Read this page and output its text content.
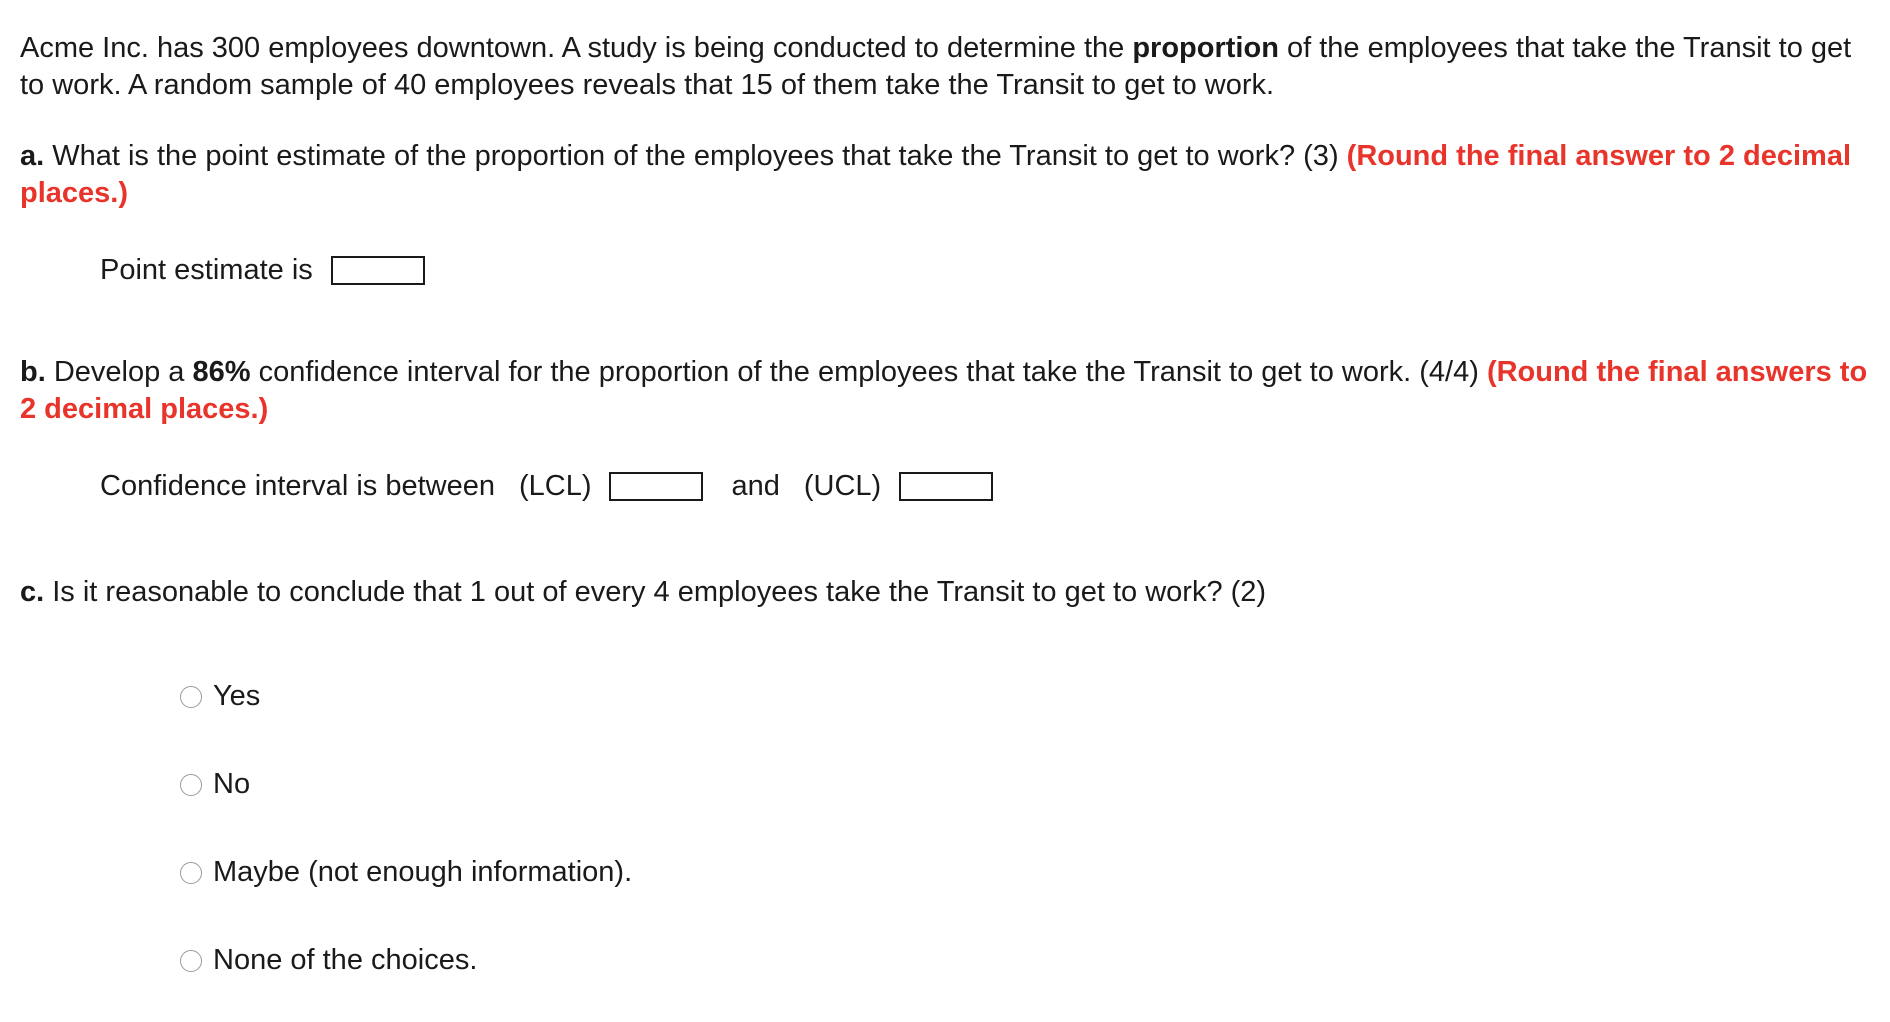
Acme Inc. has 300 employees downtown. A study is being conducted to determine the proportion of the employees that take the Transit to get to work. A random sample of 40 employees reveals that 15 of them take the Transit to get to work.

a. What is the point estimate of the proportion of the employees that take the Transit to get to work? (3) (Round the final answer to 2 decimal places.)

Point estimate is

b. Develop a 86% confidence interval for the proportion of the employees that take the Transit to get to work. (4/4) (Round the final answers to 2 decimal places.)

Confidence interval is between (LCL)	and (UCL)
c. Is it reasonable to conclude that 1 out of every 4 employees take the Transit to get to work? (2)
Yes
No
Maybe (not enough information).
None of the choices.
